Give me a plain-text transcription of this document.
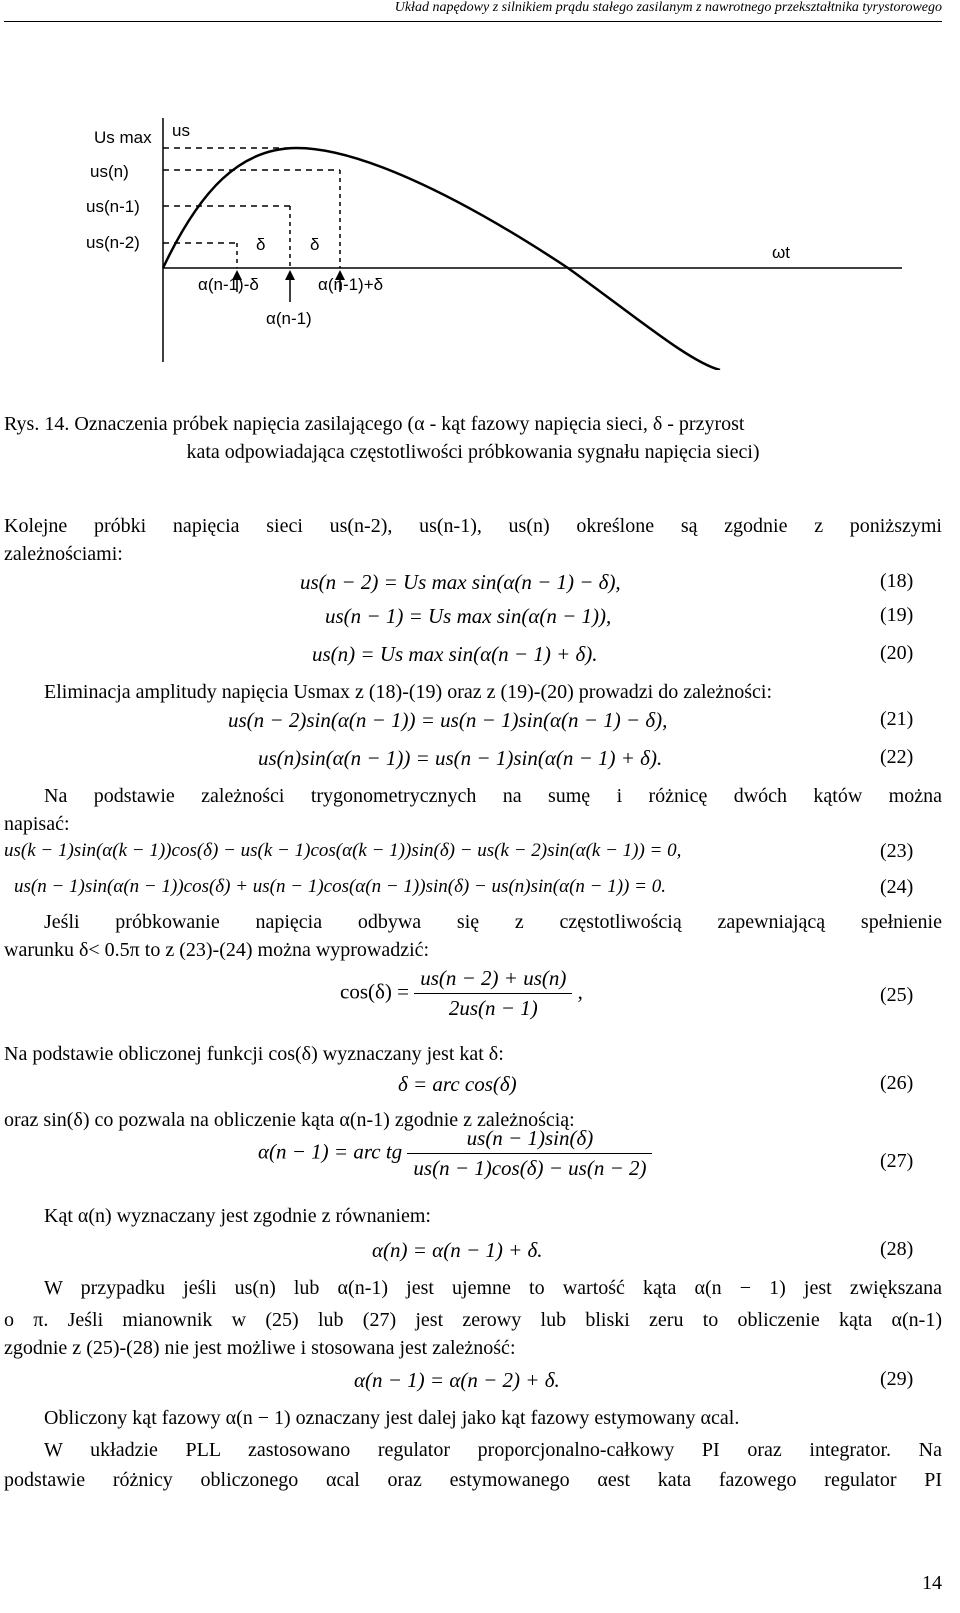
Układ napędowy z silnikiem prądu stałego zasilanym z nawrotnego przekształtnika tyrystorowego
us
Us max
us(n)
us(n-1)
us(n-2)
ωt
δ	δ
α(n-1)-δ	α(n-1)+δ
α(n-1)
Rys. 14. Oznaczenia próbek napięcia zasilającego (α - kąt fazowy napięcia sieci, δ - przyrost
kata odpowiadająca częstotliwości próbkowania sygnału napięcia sieci)
Kolejne próbki napięcia sieci us(n-2), us(n-1), us(n) określone są zgodnie z poniższymi
zależnościami:
us(n − 2) = Us max sin(α(n − 1) − δ),	(18)
us(n − 1) = Us max sin(α(n − 1)),	(19)
us(n) = Us max sin(α(n − 1) + δ).	(20)
Eliminacja amplitudy napięcia Usmax z (18)-(19) oraz z (19)-(20) prowadzi do zależności:
us(n − 2)sin(α(n − 1)) = us(n − 1)sin(α(n − 1) − δ),	(21)
us(n)sin(α(n − 1)) = us(n − 1)sin(α(n − 1) + δ).	(22)
Na podstawie zależności trygonometrycznych na sumę i różnicę dwóch kątów można
napisać:
us(k − 1)sin(α(k − 1))cos(δ) − us(k − 1)cos(α(k − 1))sin(δ) − us(k − 2)sin(α(k − 1)) = 0,	(23)
us(n − 1)sin(α(n − 1))cos(δ) + us(n − 1)cos(α(n − 1))sin(δ) − us(n)sin(α(n − 1)) = 0.	(24)
Jeśli próbkowanie napięcia odbywa się z częstotliwością zapewniającą spełnienie
warunku δ< 0.5π to z (23)-(24) można wyprowadzić:
$\cos(\delta) = \frac{us(n - 2) + us(n)}{2us(n - 1)}$ ,	(25)
Na podstawie obliczonej funkcji cos(δ) wyznaczany jest kat δ:
δ = arc cos(δ)	(26)
oraz sin(δ) co pozwala na obliczenie kąta α(n-1) zgodnie z zależnością:
α(n − 1) = arc tg $\frac{us(n - 1)\sin(\delta)}{us(n - 1)\cos(\delta) - us(n - 2)}$	(27)
Kąt α(n) wyznaczany jest zgodnie z równaniem:
α(n) = α(n − 1) + δ.	(28)
W przypadku jeśli us(n) lub α(n-1) jest ujemne to wartość kąta α(n − 1) jest zwiększana
o π. Jeśli mianownik w (25) lub (27) jest zerowy lub bliski zeru to obliczenie kąta α(n-1)
zgodnie z (25)-(28) nie jest możliwe i stosowana jest zależność:
α(n − 1) = α(n − 2) + δ.	(29)
Obliczony kąt fazowy α(n − 1) oznaczany jest dalej jako kąt fazowy estymowany αcal.
W układzie PLL zastosowano regulator proporcjonalno-całkowy PI oraz integrator. Na
podstawie różnicy obliczonego αcal oraz estymowanego αest kata fazowego regulator PI
14
